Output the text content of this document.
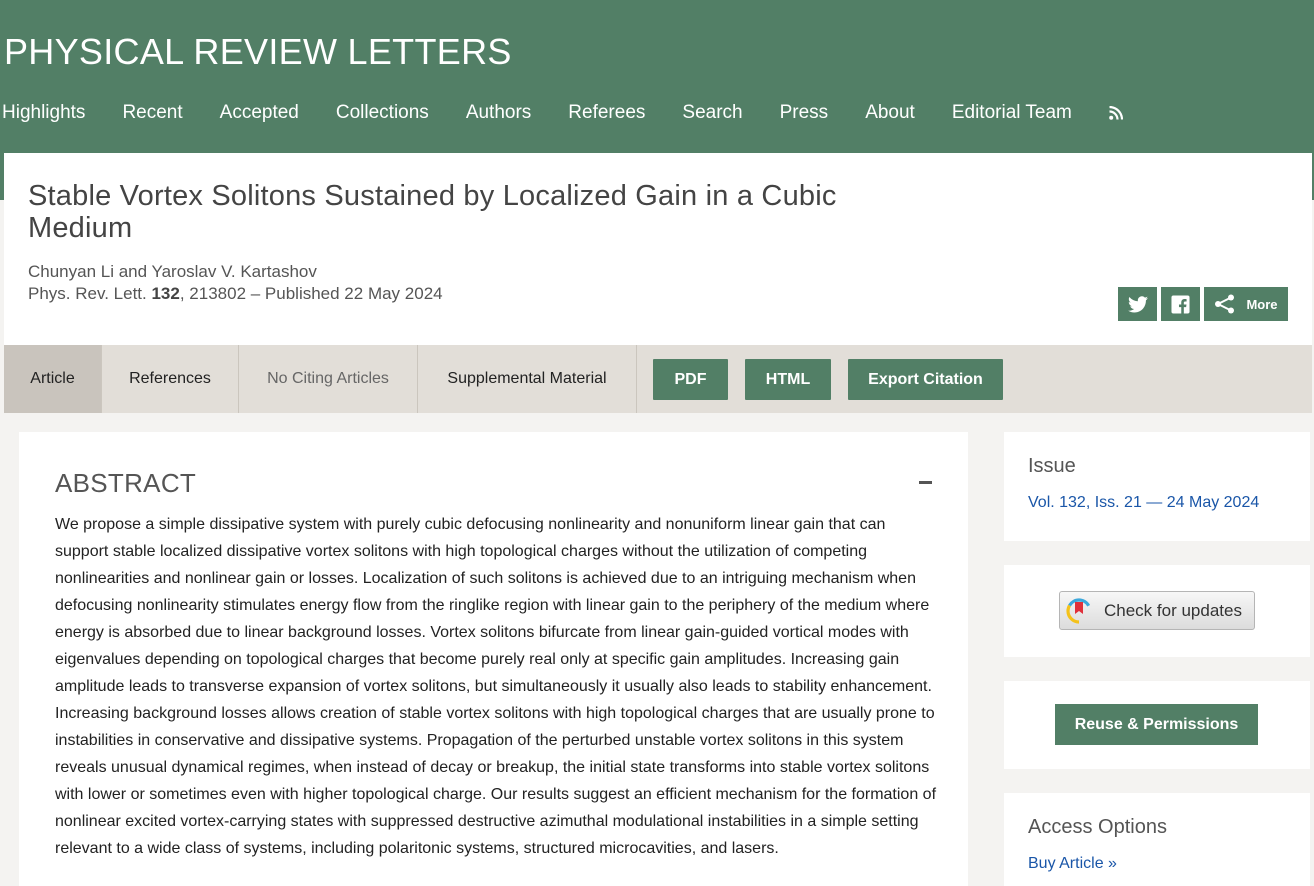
PHYSICAL REVIEW LETTERS
Highlights Recent Accepted Collections Authors Referees Search Press About Editorial Team
Stable Vortex Solitons Sustained by Localized Gain in a Cubic Medium
Chunyan Li and Yaroslav V. Kartashov
Phys. Rev. Lett. 132, 213802 – Published 22 May 2024
More
Article	References	No Citing Articles	Supplemental Material	PDF	HTML	Export Citation
ABSTRACT

We propose a simple dissipative system with purely cubic defocusing nonlinearity and nonuniform linear gain that can support stable localized dissipative vortex solitons with high topological charges without the utilization of competing nonlinearities and nonlinear gain or losses. Localization of such solitons is achieved due to an intriguing mechanism when defocusing nonlinearity stimulates energy flow from the ringlike region with linear gain to the periphery of the medium where energy is absorbed due to linear background losses. Vortex solitons bifurcate from linear gain-guided vortical modes with eigenvalues depending on topological charges that become purely real only at specific gain amplitudes. Increasing gain amplitude leads to transverse expansion of vortex solitons, but simultaneously it usually also leads to stability enhancement. Increasing background losses allows creation of stable vortex solitons with high topological charges that are usually prone to instabilities in conservative and dissipative systems. Propagation of the perturbed unstable vortex solitons in this system reveals unusual dynamical regimes, when instead of decay or breakup, the initial state transforms into stable vortex solitons with lower or sometimes even with higher topological charge. Our results suggest an efficient mechanism for the formation of nonlinear excited vortex-carrying states with suppressed destructive azimuthal modulational instabilities in a simple setting relevant to a wide class of systems, including polaritonic systems, structured microcavities, and lasers.

Issue
Vol. 132, Iss. 21 — 24 May 2024
Check for updates
Reuse & Permissions
Access Options
Buy Article »
